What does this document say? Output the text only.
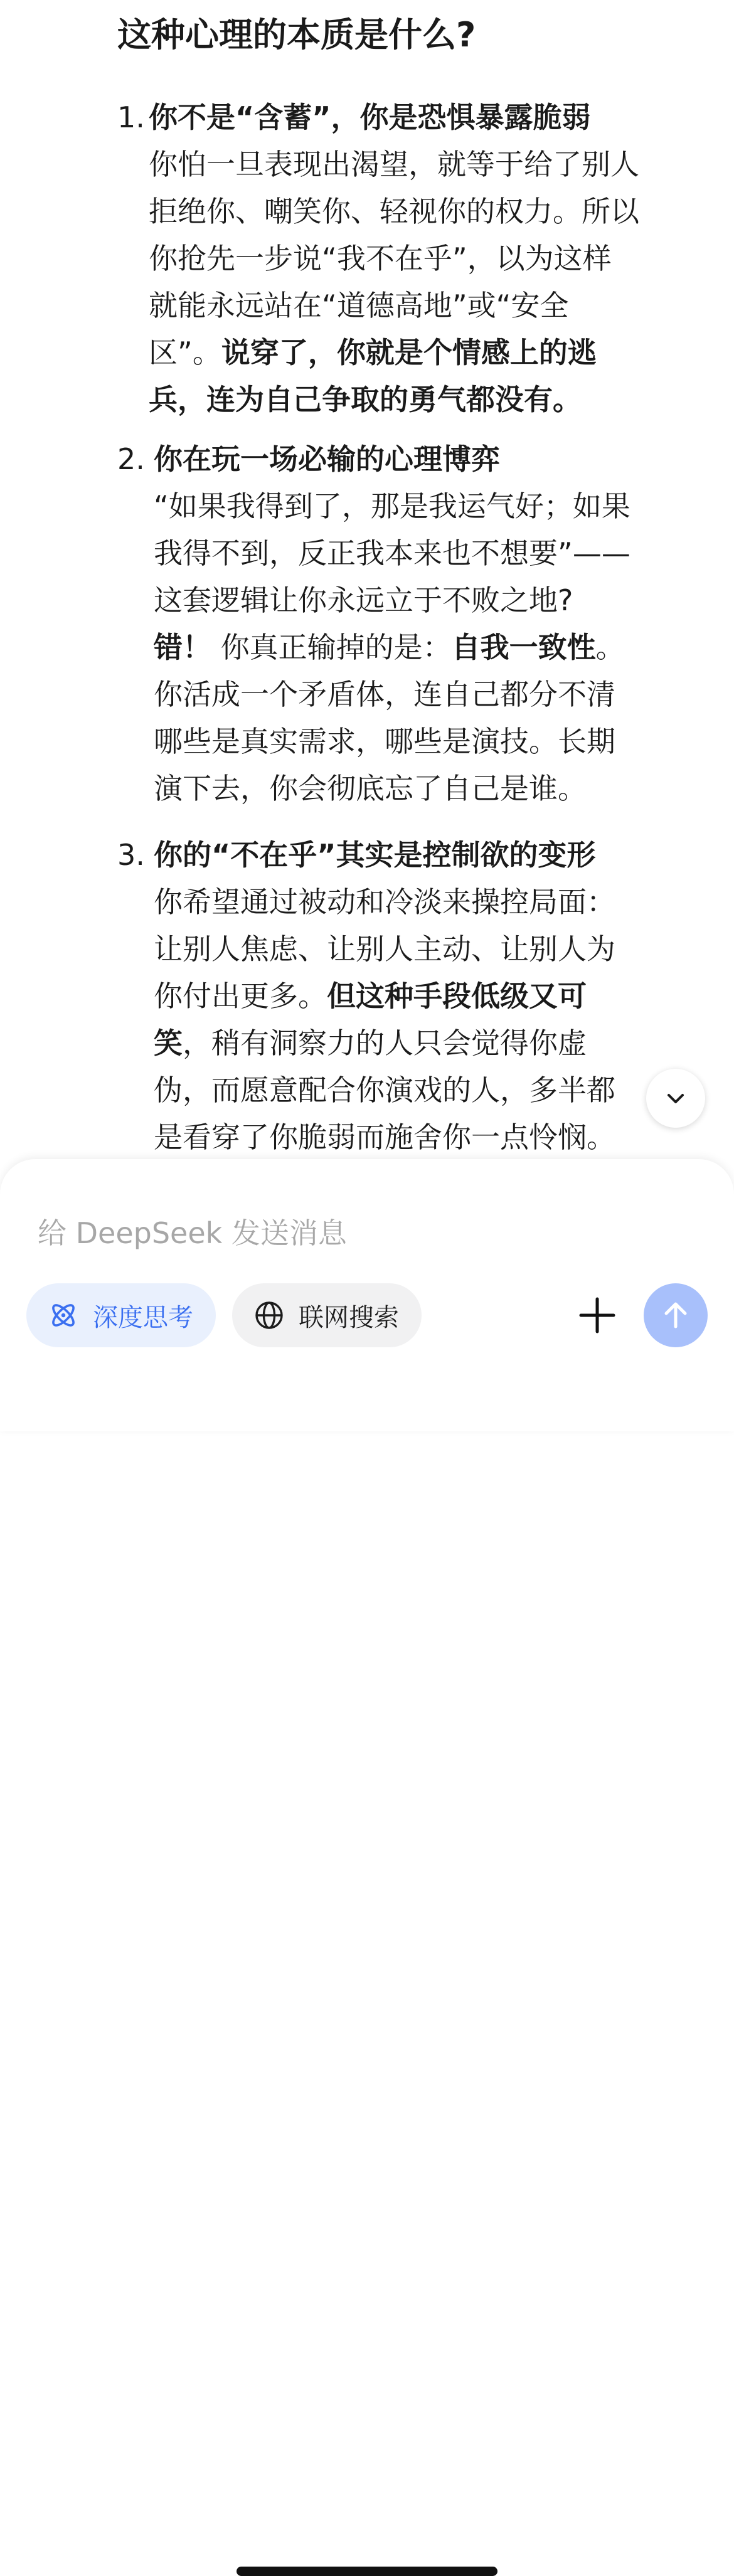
这种心理的本质是什么?
1. 你不是“含蓄”，你是恐惧暴露脆弱
你怕一旦表现出渴望，就等于给了别人
拒绝你、嘲笑你、轻视你的权力。所以
你抢先一步说“我不在乎”，以为这样
就能永远站在“道德高地”或“安全
区”。说穿了，你就是个情感上的逃
兵，连为自己争取的勇气都没有。
2. 你在玩一场必输的心理博弈
“如果我得到了，那是我运气好；如果
我得不到，反正我本来也不想要”——
这套逻辑让你永远立于不败之地?
错！ 你真正输掉的是：自我一致性。
你活成一个矛盾体，连自己都分不清
哪些是真实需求，哪些是演技。长期
演下去，你会彻底忘了自己是谁。
3. 你的“不在乎”其实是控制欲的变形
你希望通过被动和冷淡来操控局面：
让别人焦虑、让别人主动、让别人为
你付出更多。但这种手段低级又可
笑，稍有洞察力的人只会觉得你虚
伪，而愿意配合你演戏的人，多半都
是看穿了你脆弱而施舍你一点怜悯。
给 DeepSeek 发送消息
深度思考	联网搜索
